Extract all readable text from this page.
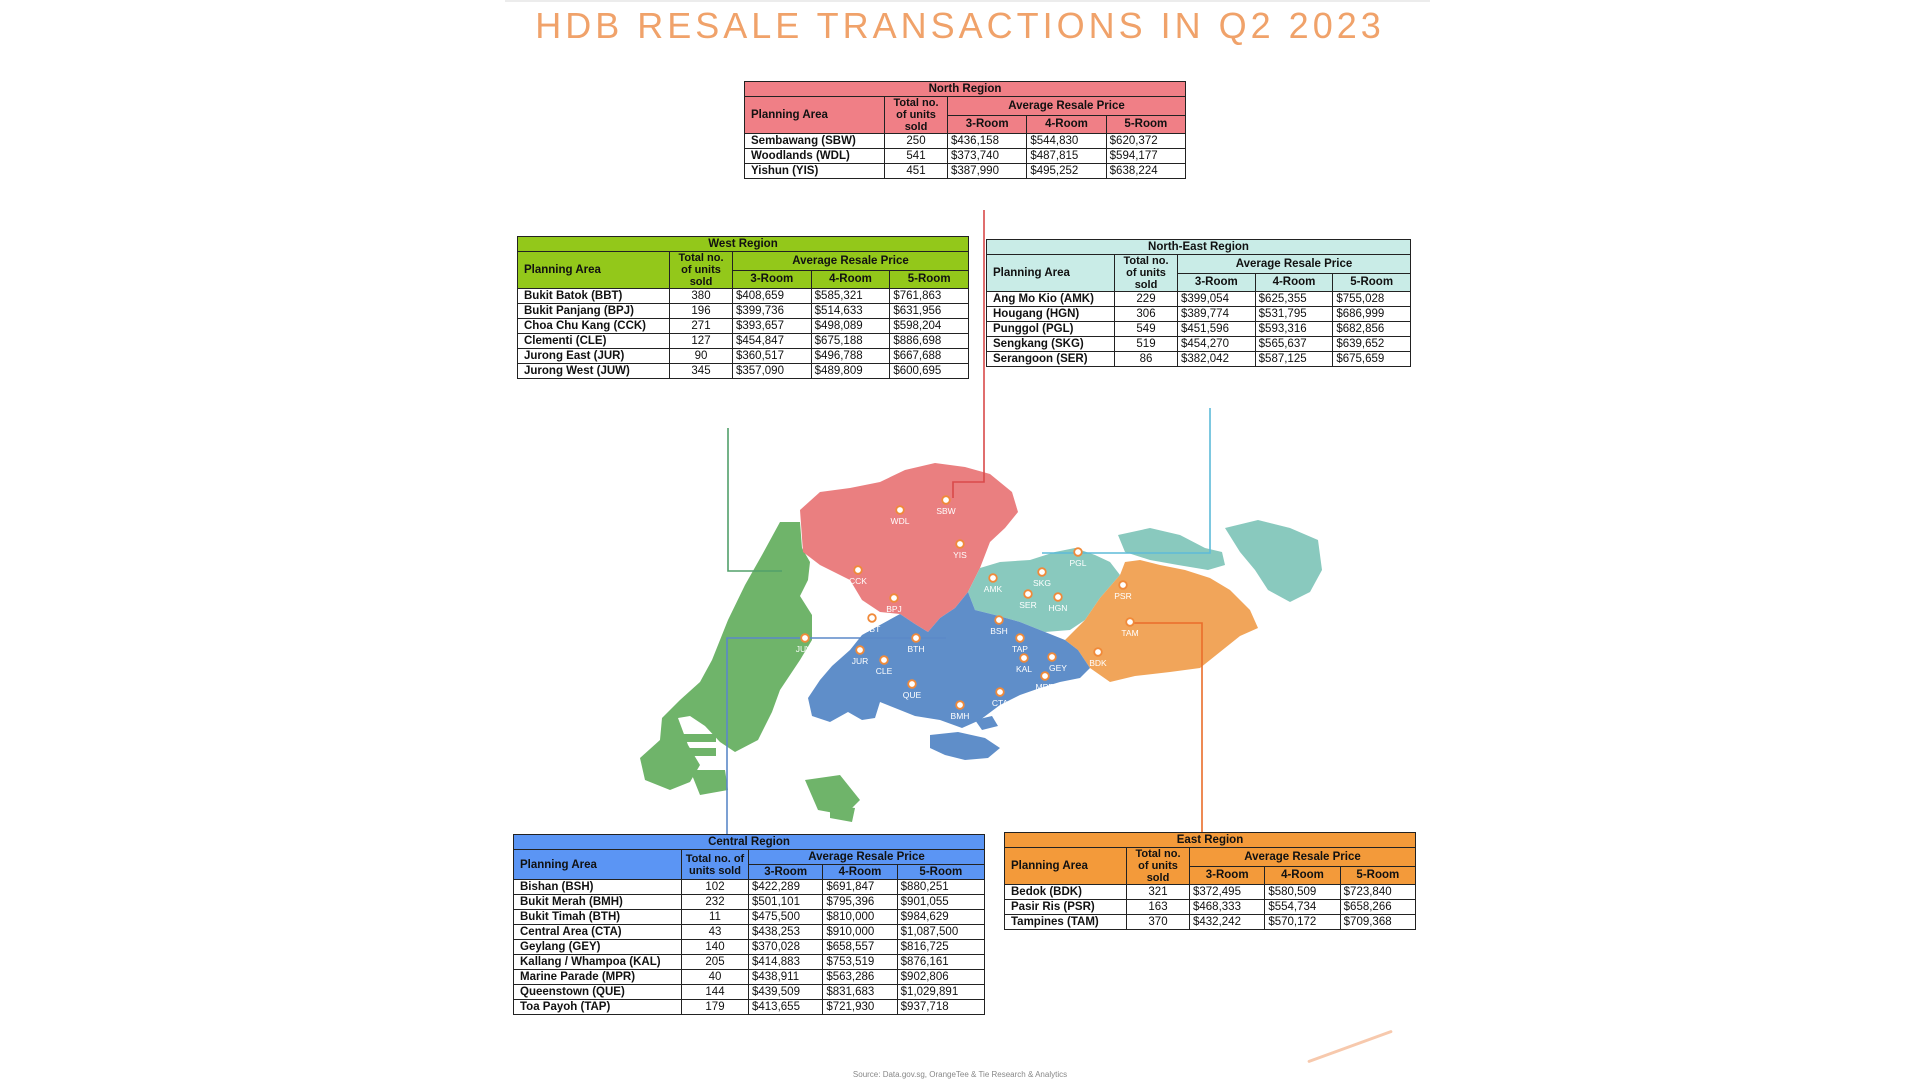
HDB RESALE TRANSACTIONS IN Q2 2023
SBW
WDL
YIS
CCK
BPJ
BBT
JUW
JUR
CLE
BTH
AMK
SKG
PGL
SER HGN
BSH
TAP
KAL GEY
MPR
CTA
BMH
QUE
PSR
TAM
BDK
North Region				
Planning Area	Total no. of units sold	Average Resale Price		
		3-Room	4-Room	5-Room
Sembawang (SBW)	250	$436,158	$544,830	$620,372
Woodlands (WDL)	541	$373,740	$487,815	$594,177
Yishun (YIS)	451	$387,990	$495,252	$638,224
West Region				
Planning Area	Total no. of units sold	Average Resale Price		
		3-Room	4-Room	5-Room
Bukit Batok (BBT)	380	$408,659	$585,321	$761,863
Bukit Panjang (BPJ)	196	$399,736	$514,633	$631,956
Choa Chu Kang (CCK)	271	$393,657	$498,089	$598,204
Clementi (CLE)	127	$454,847	$675,188	$886,698
Jurong East (JUR)	90	$360,517	$496,788	$667,688
Jurong West (JUW)	345	$357,090	$489,809	$600,695
North-East Region				
Planning Area	Total no. of units sold	Average Resale Price		
		3-Room	4-Room	5-Room
Ang Mo Kio (AMK)	229	$399,054	$625,355	$755,028
Hougang (HGN)	306	$389,774	$531,795	$686,999
Punggol (PGL)	549	$451,596	$593,316	$682,856
Sengkang (SKG)	519	$454,270	$565,637	$639,652
Serangoon (SER)	86	$382,042	$587,125	$675,659
Central Region				
Planning Area	Total no. of units sold	Average Resale Price		
		3-Room	4-Room	5-Room
Bishan (BSH)	102	$422,289	$691,847	$880,251
Bukit Merah (BMH)	232	$501,101	$795,396	$901,055
Bukit Timah (BTH)	11	$475,500	$810,000	$984,629
Central Area (CTA)	43	$438,253	$910,000	$1,087,500
Geylang (GEY)	140	$370,028	$658,557	$816,725
Kallang / Whampoa (KAL)	205	$414,883	$753,519	$876,161
Marine Parade (MPR)	40	$438,911	$563,286	$902,806
Queenstown (QUE)	144	$439,509	$831,683	$1,029,891
Toa Payoh (TAP)	179	$413,655	$721,930	$937,718
East Region				
Planning Area	Total no. of units sold	Average Resale Price		
		3-Room	4-Room	5-Room
Bedok (BDK)	321	$372,495	$580,509	$723,840
Pasir Ris (PSR)	163	$468,333	$554,734	$658,266
Tampines (TAM)	370	$432,242	$570,172	$709,368
Source: Data.gov.sg, OrangeTee & Tie Research & Analytics
